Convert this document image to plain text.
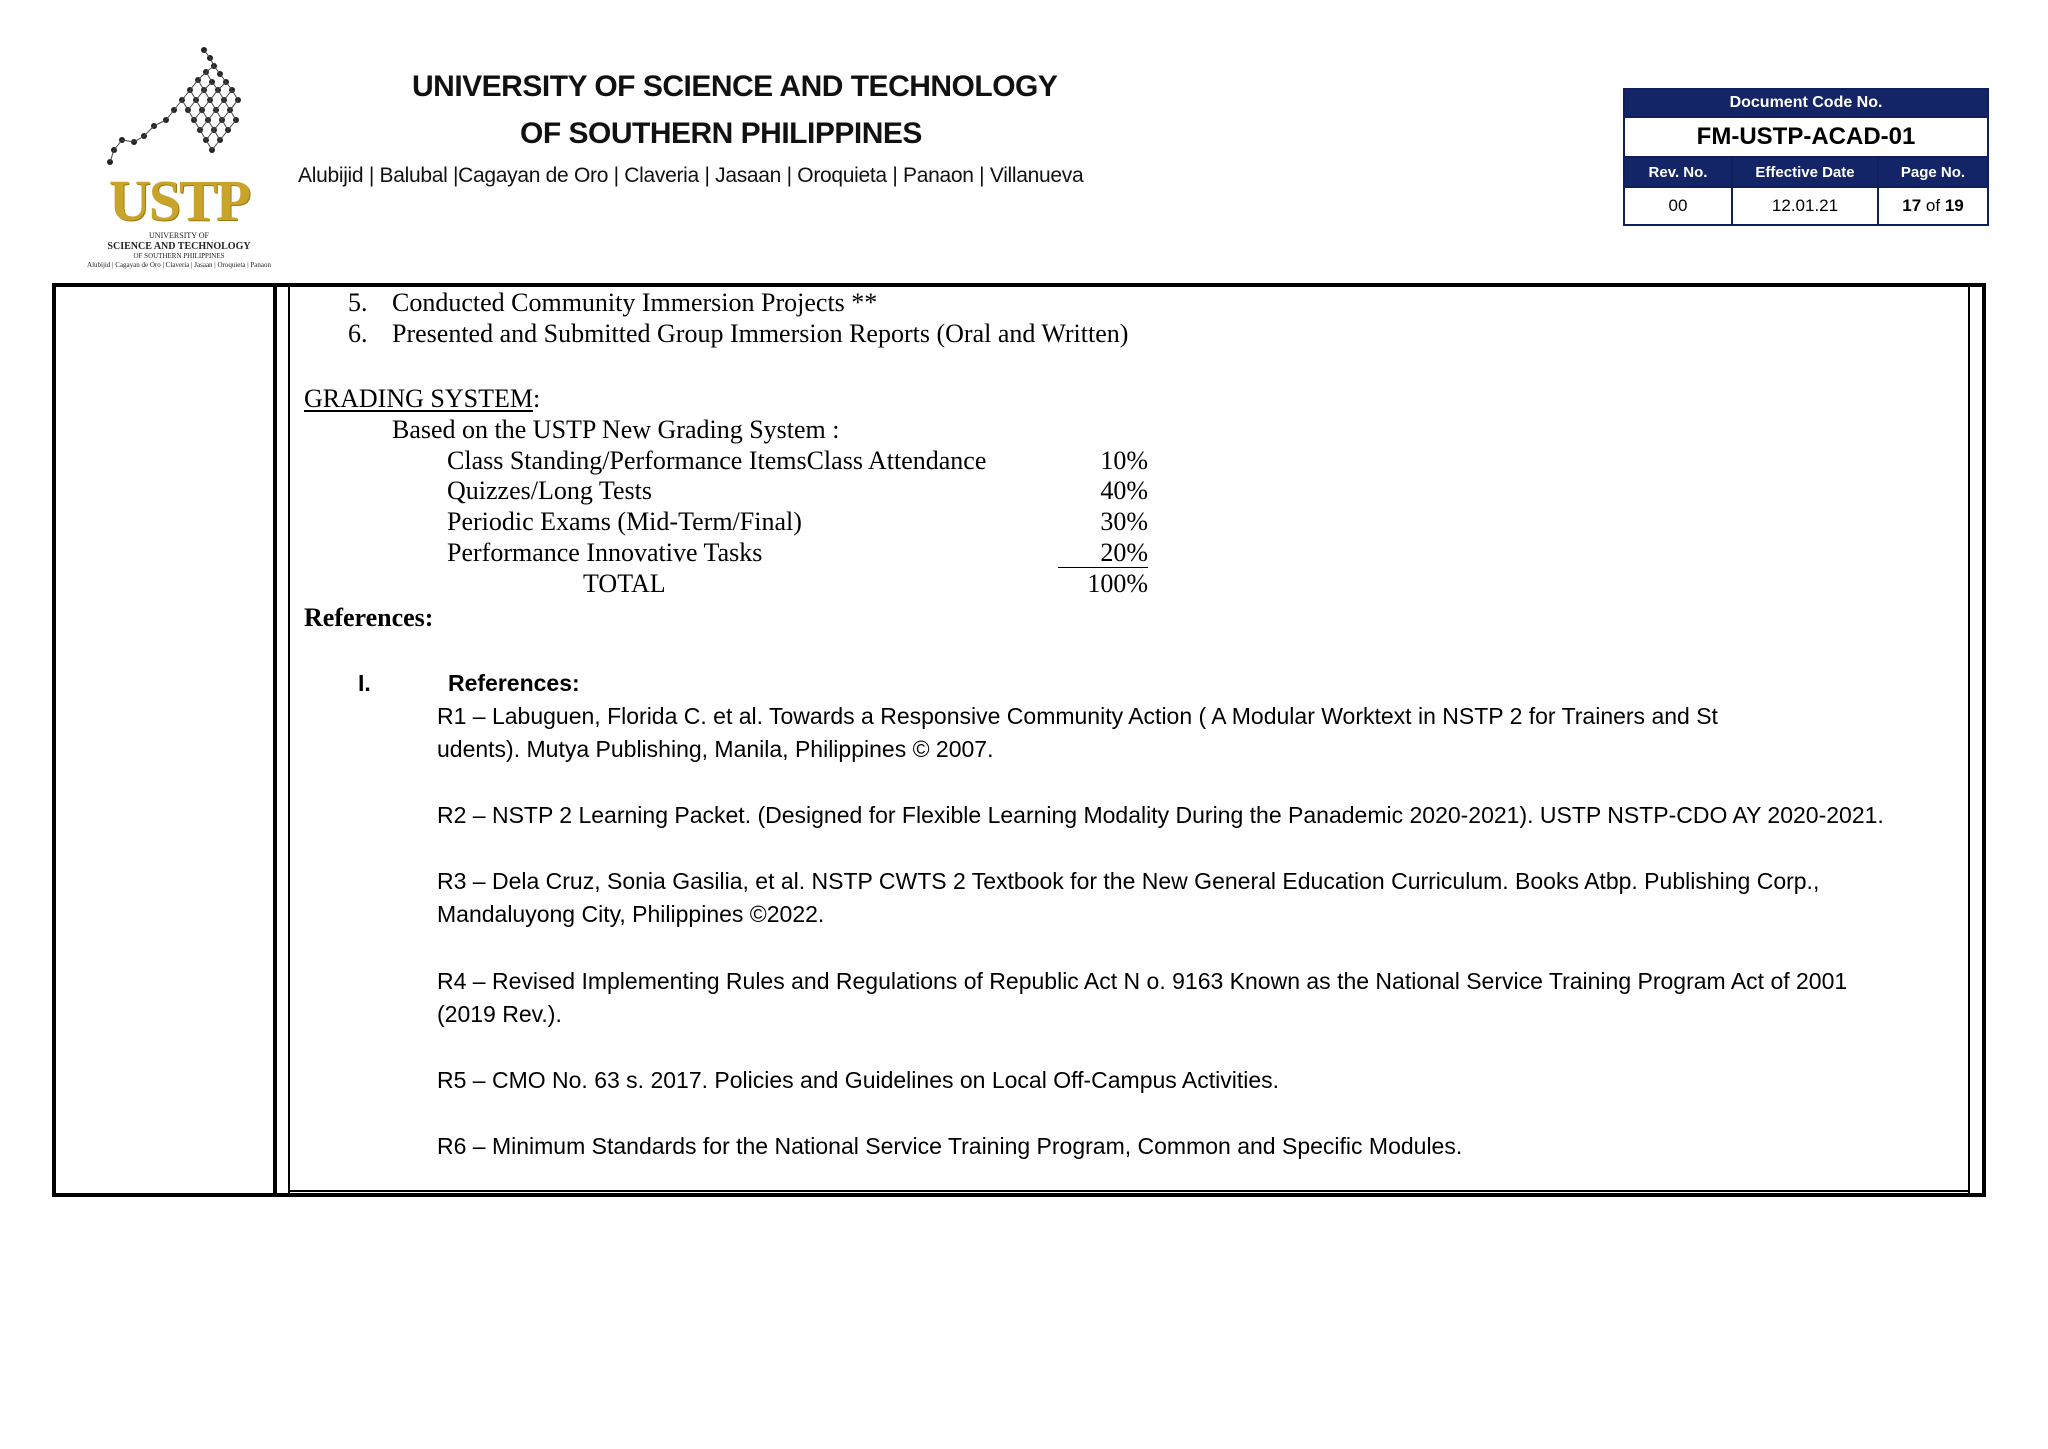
USTP
UNIVERSITY OF
SCIENCE AND TECHNOLOGY
OF SOUTHERN PHILIPPINES
Alubijid | Cagayan de Oro | Claveria | Jasaan | Oroquieta | Panaon
UNIVERSITY OF SCIENCE AND TECHNOLOGY
OF SOUTHERN PHILIPPINES
Alubijid | Balubal |Cagayan de Oro | Claveria | Jasaan | Oroquieta | Panaon | Villanueva
Document Code No.		
FM-USTP-ACAD-01		
Rev. No.	Effective Date	Page No.
00	12.01.21	17 of 19
5. Conducted Community Immersion Projects **
6. Presented and Submitted Group Immersion Reports (Oral and Written)
GRADING SYSTEM:
Based on the USTP New Grading System :
Class Standing/Performance ItemsClass Attendance	10%
Quizzes/Long Tests	40%
Periodic Exams (Mid-Term/Final)	30%
Performance Innovative Tasks	20%
TOTAL	100%
References:
I.	References:
R1 – Labuguen, Florida C. et al. Towards a Responsive Community Action ( A Modular Worktext in NSTP 2 for Trainers and St
udents). Mutya Publishing, Manila, Philippines © 2007.
R2 – NSTP 2 Learning Packet. (Designed for Flexible Learning Modality During the Panademic 2020-2021). USTP NSTP-CDO AY 2020-2021.
R3 – Dela Cruz, Sonia Gasilia, et al. NSTP CWTS 2 Textbook for the New General Education Curriculum. Books Atbp. Publishing Corp.,
Mandaluyong City, Philippines ©2022.
R4 – Revised Implementing Rules and Regulations of Republic Act N o. 9163 Known as the National Service Training Program Act of 2001
(2019 Rev.).
R5 – CMO No. 63 s. 2017. Policies and Guidelines on Local Off-Campus Activities.
R6 – Minimum Standards for the National Service Training Program, Common and Specific Modules.
